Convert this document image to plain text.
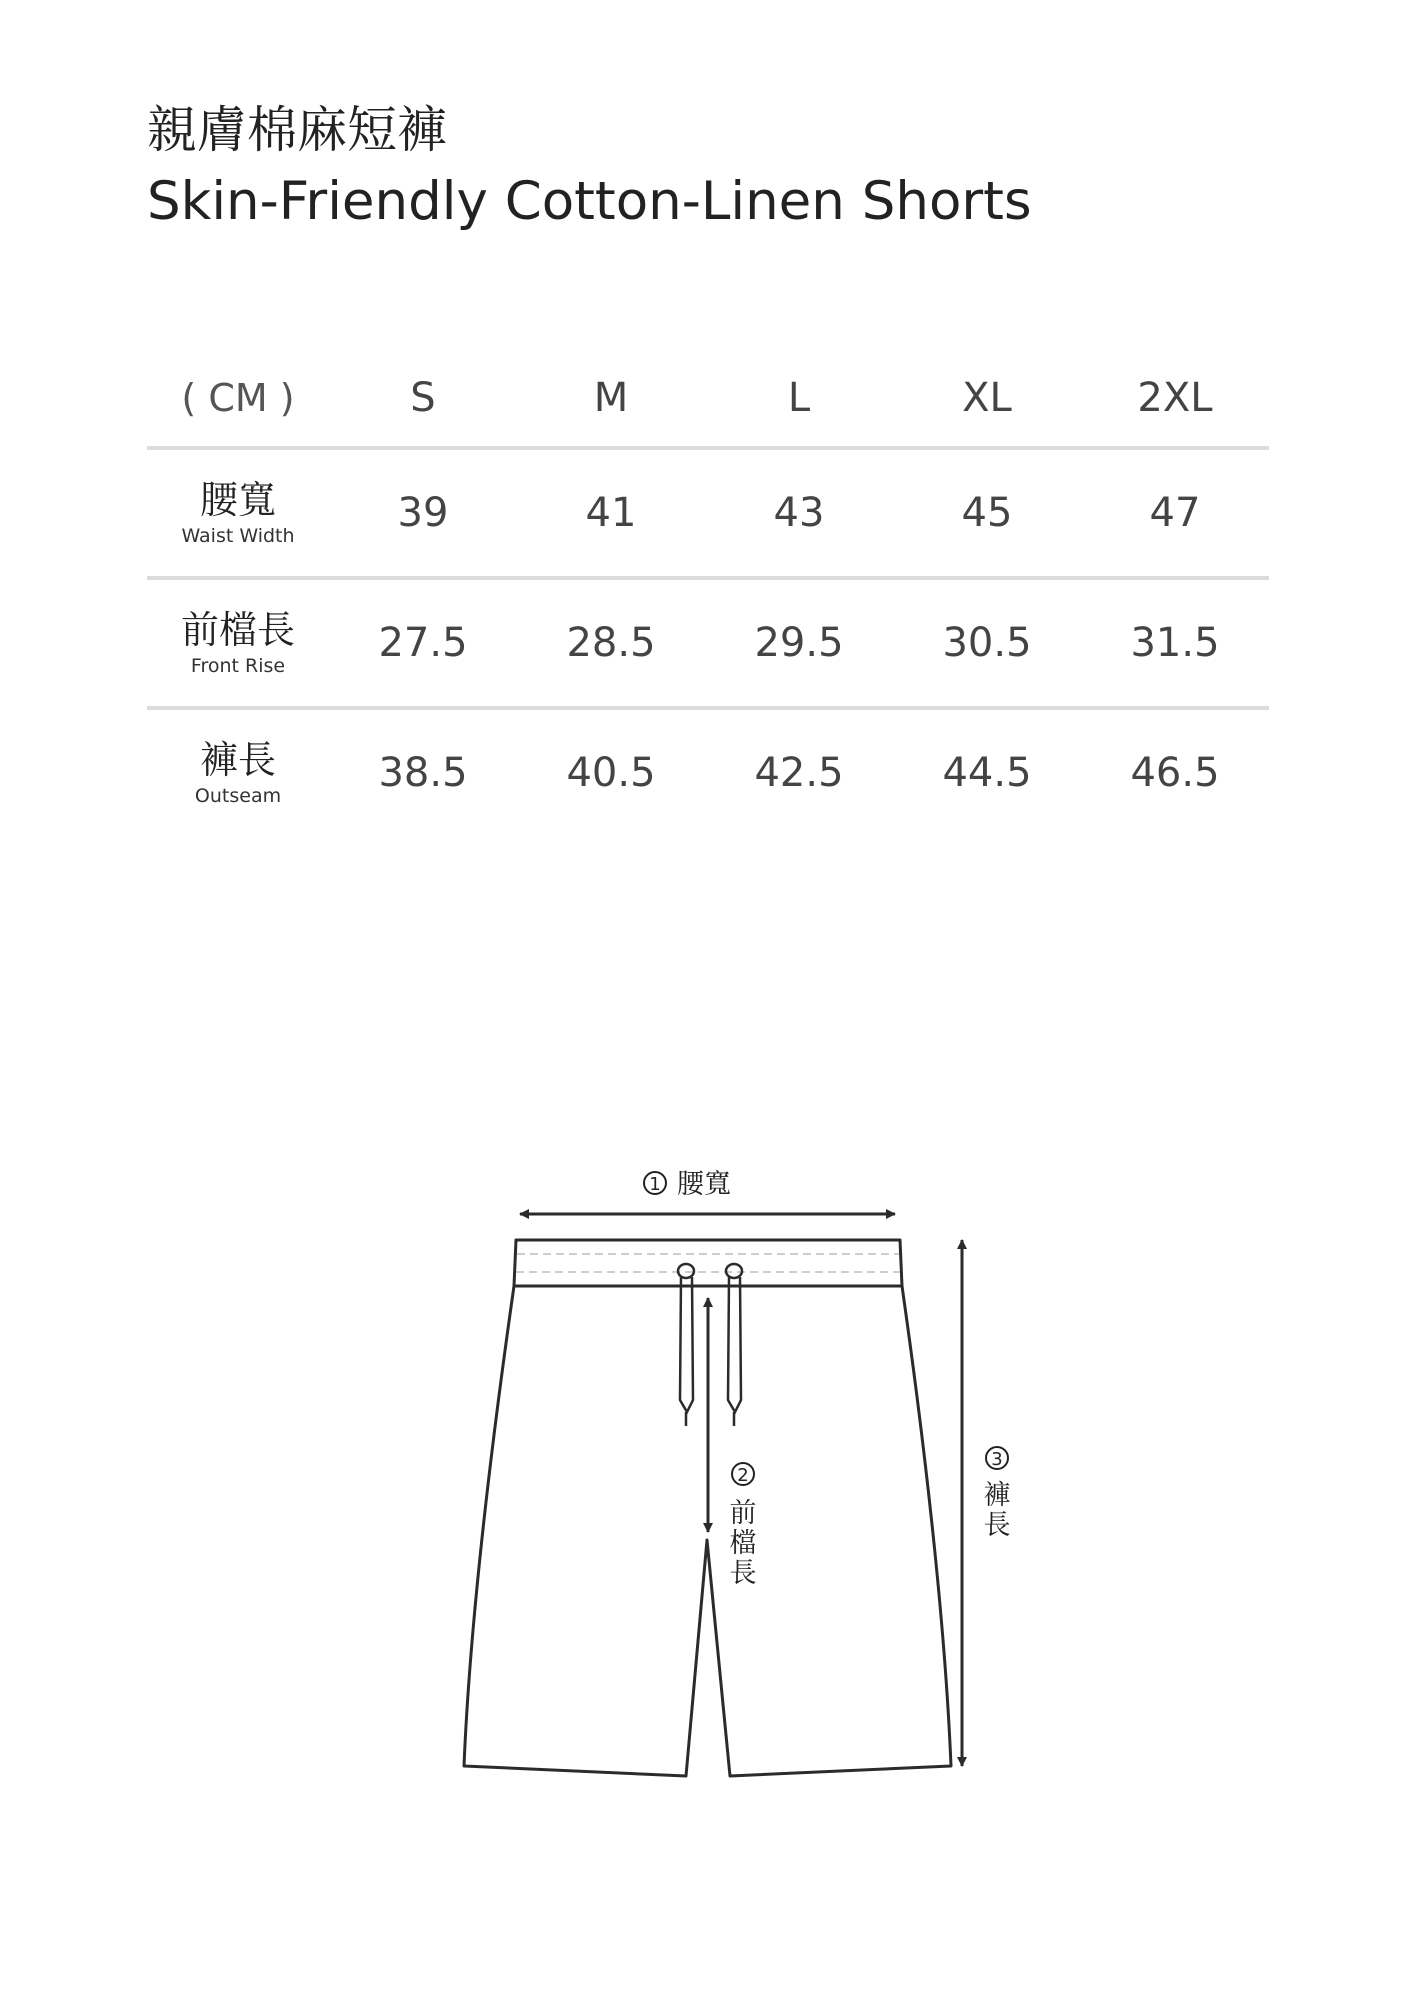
親膚棉麻短褲
Skin-Friendly Cotton-Linen Shorts
( CM )	S	M	L	XL	2XL
腰寬
Waist Width	39	41	43	45	47
前檔長
Front Rise	27.5	28.5	29.5	30.5	31.5
褲長
Outseam	38.5	40.5	42.5	44.5	46.5
1 腰寬
2
前
檔
長
3
褲
長
